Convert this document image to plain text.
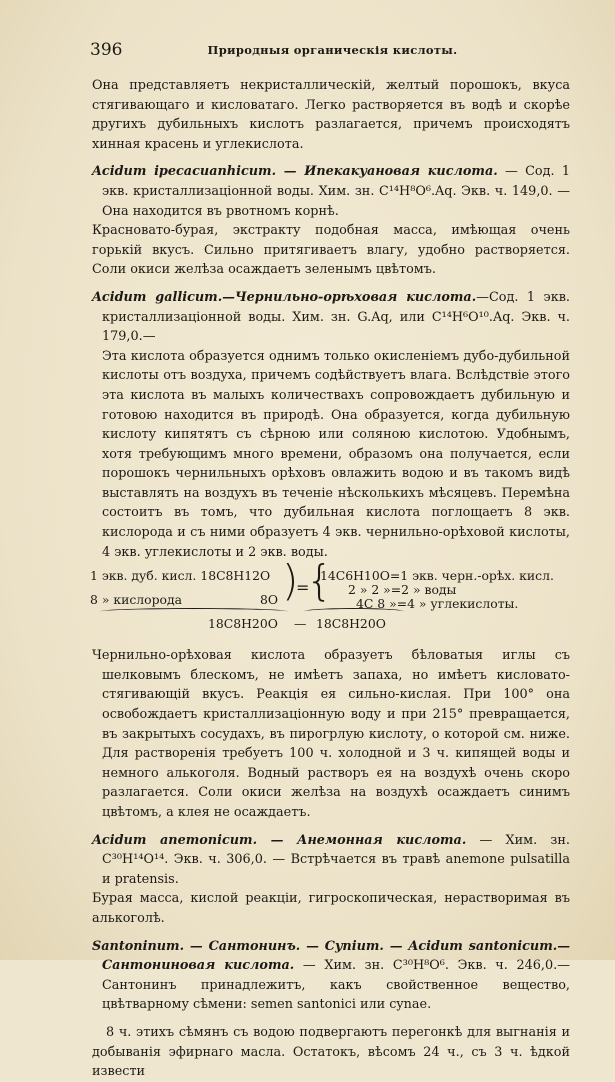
396	Природныя органическія кислоты.

Она представляетъ некристаллическій, желтый порошокъ, вкуса стягивающаго и кисловатаго. Легко растворяется въ водѣ и скорѣе другихъ дубильныхъ кислотъ разлагается, причемъ происходятъ хинная красень и углекислота.

Acidum ipecacuanhicum. — Ипекакуановая кислота. — Сод. 1 экв. кристаллизаціонной воды. Хим. зн. C¹⁴H⁸O⁶.Aq. Экв. ч. 149,0. — Она находится въ рвотномъ корнѣ.

Красновато-бурая, экстракту подобная масса, имѣющая очень горькій вкусъ. Сильно притягиваетъ влагу, удобно растворяется. Соли окиси желѣза осаждаетъ зеленымъ цвѣтомъ.

Acidum gallicum.—Чернильно-орѣховая кислота.—Сод. 1 экв. кристаллизаціонной воды. Хим. зн. G.Aq, или C¹⁴H⁶O¹⁰.Aq. Экв. ч. 179,0.—

Эта кислота образуется однимъ только окисленіемъ дубо-дубильной кислоты отъ воздуха, причемъ содѣйствуетъ влага. Вслѣдствіе этого эта кислота въ малыхъ количествахъ сопровождаетъ дубильную и готовою находится въ природѣ. Она образуется, когда дубильную кислоту кипятятъ съ сѣрною или соляною кислотою. Удобнымъ, хотя требующимъ много времени, образомъ она получается, если порошокъ чернильныхъ орѣховъ овлажить водою и въ такомъ видѣ выставлять на воздухъ въ теченіе нѣсколькихъ мѣсяцевъ. Перемѣна состоитъ въ томъ, что дубильная кислота поглощаетъ 8 экв. кислорода и съ ними образуетъ 4 экв. чернильно-орѣховой кислоты, 4 экв. углекислоты и 2 экв. воды.

1 экв. дуб. кисл. 18C8H12O
8 » кислорода	8O )
=
{
14C6H10O=1 экв. черн.-орѣх. кисл.
2 » 2 »=2 » воды
4C 8 »=4 » углекислоты.
18C8H20O — 18C8H20O

Чернильно-орѣховая кислота образуетъ бѣловатыя иглы съ шелковымъ блескомъ, не имѣетъ запаха, но имѣетъ кисловато-стягивающій вкусъ. Реакція ея сильно-кислая. При 100° она освобождаетъ кристаллизаціонную воду и при 215° превращается, въ закрытыхъ сосудахъ, въ пирогрлую кислоту, о которой см. ниже. Для растворенія требуетъ 100 ч. холодной и 3 ч. кипящей воды и немного алькоголя. Водный растворъ ея на воздухѣ очень скоро разлагается. Соли окиси желѣза на воздухѣ осаждаетъ синимъ цвѣтомъ, а клея не осаждаетъ.

Acidum anemonicum. — Анемонная кислота. — Хим. зн. C³⁰H¹⁴O¹⁴. Экв. ч. 306,0. — Встрѣчается въ травѣ anemone pulsatilla и pratensis.

Бурая масса, кислой реакціи, гигроскопическая, нерастворимая въ алькоголѣ.

Santoninum. — Сантонинъ. — Cynium. — Acidum santonicum.— Сантониновая кислота. — Хим. зн. C³⁰H⁸O⁶. Экв. ч. 246,0.—Сантонинъ принадлежитъ, какъ свойственное вещество, цвѣтварному сѣмени: semen santonici или cynae.

8 ч. этихъ сѣмянъ съ водою подвергаютъ перегонкѣ для выгнанія и добыванія эфирнаго масла. Остатокъ, вѣсомъ 24 ч., съ 3 ч. ѣдкой извести
